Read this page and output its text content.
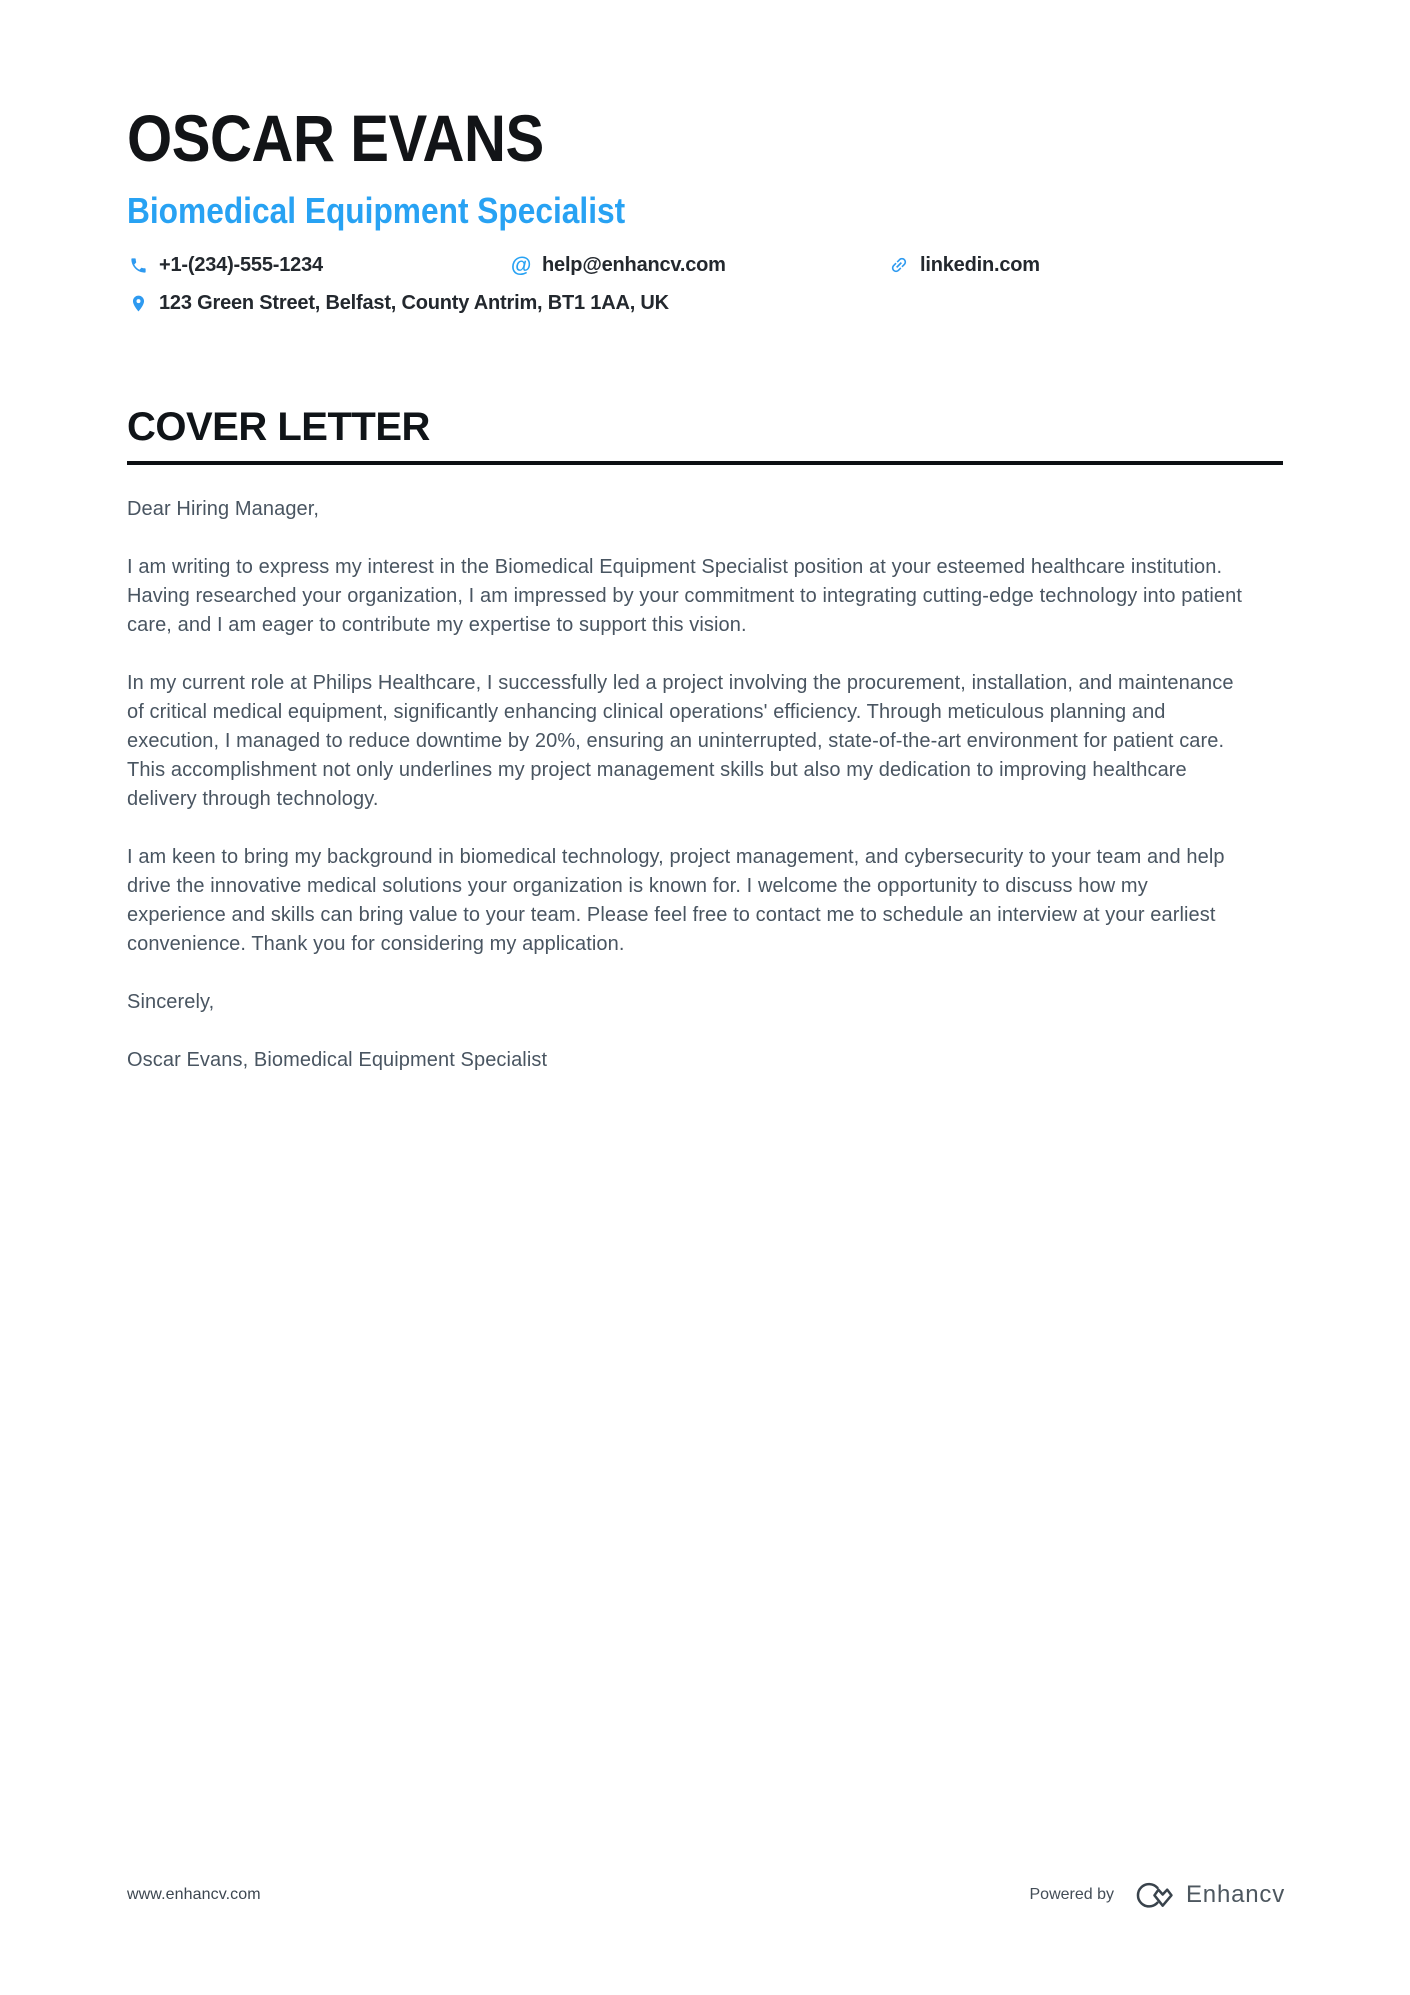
OSCAR EVANS
Biomedical Equipment Specialist
+1-(234)-555-1234	@ help@enhancv.com	linkedin.com
123 Green Street, Belfast, County Antrim, BT1 1AA, UK
COVER LETTER

Dear Hiring Manager,

I am writing to express my interest in the Biomedical Equipment Specialist position at your esteemed healthcare institution. Having researched your organization, I am impressed by your commitment to integrating cutting-edge technology into patient care, and I am eager to contribute my expertise to support this vision.

In my current role at Philips Healthcare, I successfully led a project involving the procurement, installation, and maintenance of critical medical equipment, significantly enhancing clinical operations' efficiency. Through meticulous planning and execution, I managed to reduce downtime by 20%, ensuring an uninterrupted, state-of-the-art environment for patient care. This accomplishment not only underlines my project management skills but also my dedication to improving healthcare delivery through technology.

I am keen to bring my background in biomedical technology, project management, and cybersecurity to your team and help drive the innovative medical solutions your organization is known for. I welcome the opportunity to discuss how my experience and skills can bring value to your team. Please feel free to contact me to schedule an interview at your earliest convenience. Thank you for considering my application.

Sincerely,

Oscar Evans, Biomedical Equipment Specialist

www.enhancv.com	Powered by	Enhancv
